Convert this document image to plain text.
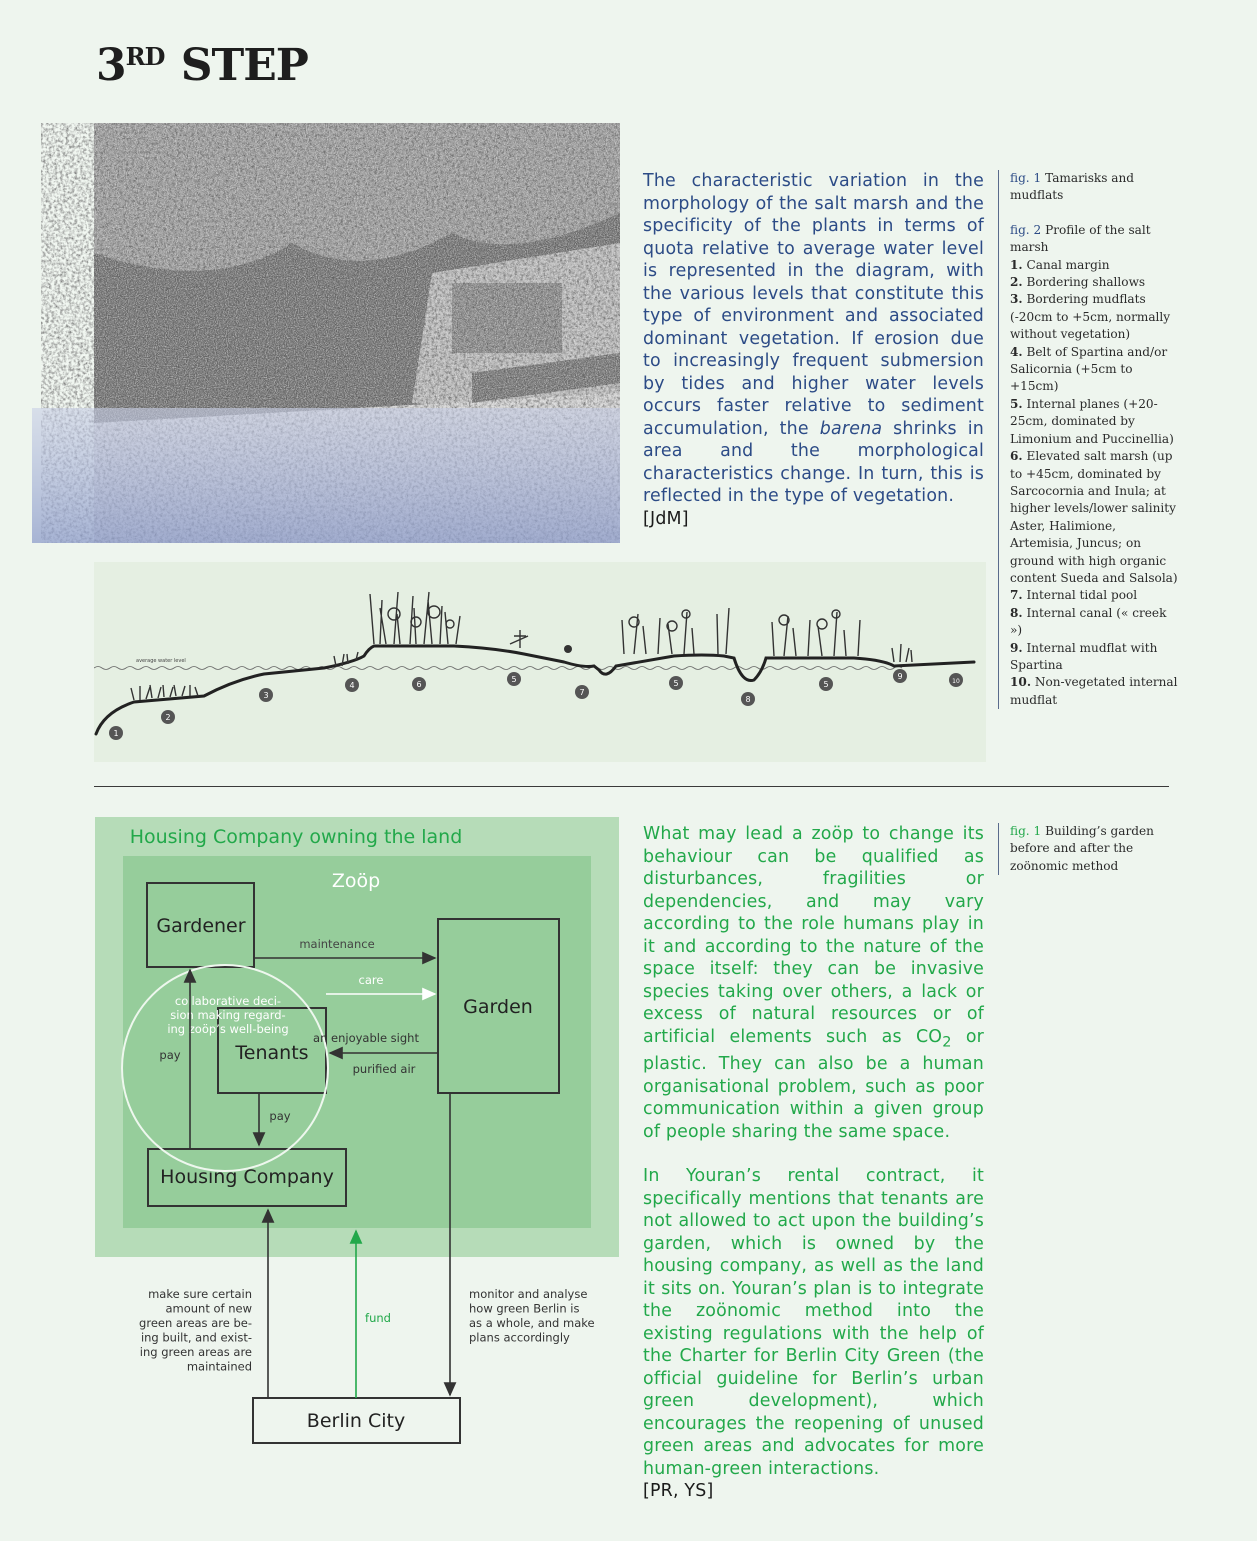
3RD STEP
The characteristic variation in the morphology of the salt marsh and the specificity of the plants in terms of quota relative to average water level is represented in the diagram, with the various levels that constitute this type of environment and associated dominant vegetation. If erosion due to increasingly frequent submersion by tides and higher water levels occurs faster relative to sediment accumulation, the barena shrinks in area and the morphological characteristics change. In turn, this is reflected in the type of vegetation.
[JdM]

fig. 1 Tamarisks and mudflats

fig. 2 Profile of the salt marsh

1. Canal margin
2. Bordering shallows
3. Bordering mudflats (-20cm to +5cm, normally without vegetation)
4. Belt of Spartina and/or Salicornia (+5cm to +15cm)
5. Internal planes (+20-25cm, dominated by Limonium and Puccinellia)
6. Elevated salt marsh (up to +45cm, dominated by Sarcocornia and Inula; at higher levels/lower salinity Aster, Halimione, Artemisia, Juncus; on ground with high organic content Sueda and Salsola)
7. Internal tidal pool
8. Internal canal (« creek »)
9. Internal mudflat with Spartina
10. Non-vegetated internal mudflat
average water level
1
2
3
4	6
5
7
5
8
5
9
10
Housing Company owning the land
Zoöp
Gardener
Tenants
Garden
Housing Company
Berlin City
maintenance
care
an enjoyable sight
purified air
collaborative deci-
sion making regard-
ing zoöp’s well-being
pay
pay
fund
make sure certain
amount of new
green areas are be-
ing built, and exist-
ing green areas are
maintained
monitor and analyse
how green Berlin is
as a whole, and make
plans accordingly

What may lead a zoöp to change its behaviour can be qualified as disturbances, fragilities or dependencies, and may vary according to the role humans play in it and according to the nature of the space itself: they can be invasive species taking over others, a lack or excess of natural resources or of artificial elements such as $CO_2$ or plastic. They can also be a human organisational problem, such as poor communication within a given group of people sharing the same space.

In Youran’s rental contract, it specifically mentions that tenants are not allowed to act upon the building’s garden, which is owned by the housing company, as well as the land it sits on. Youran’s plan is to integrate the zoönomic method into the existing regulations with the help of the Charter for Berlin City Green (the official guideline for Berlin’s urban green development), which encourages the reopening of unused green areas and advocates for more human-green interactions.

[PR, YS]

fig. 1 Building’s garden before and after the zoönomic method
